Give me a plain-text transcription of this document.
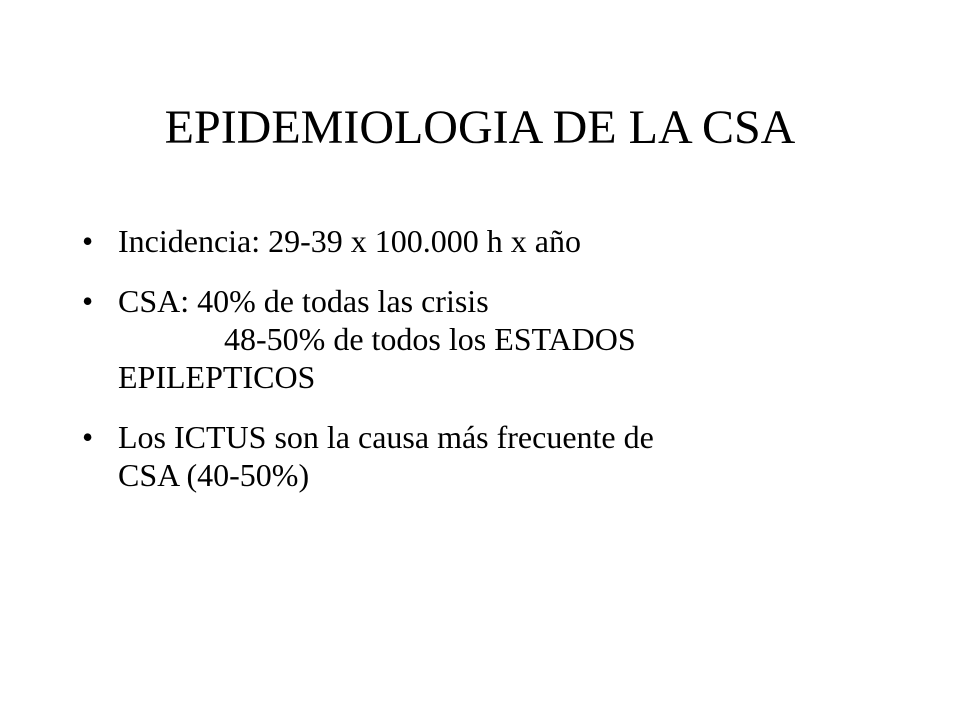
EPIDEMIOLOGIA DE LA CSA
• Incidencia: 29-39 x 100.000 h x año
• CSA: 40% de todas las crisis
48-50% de todos los ESTADOS
EPILEPTICOS
• Los ICTUS son la causa más frecuente de
CSA (40-50%)
